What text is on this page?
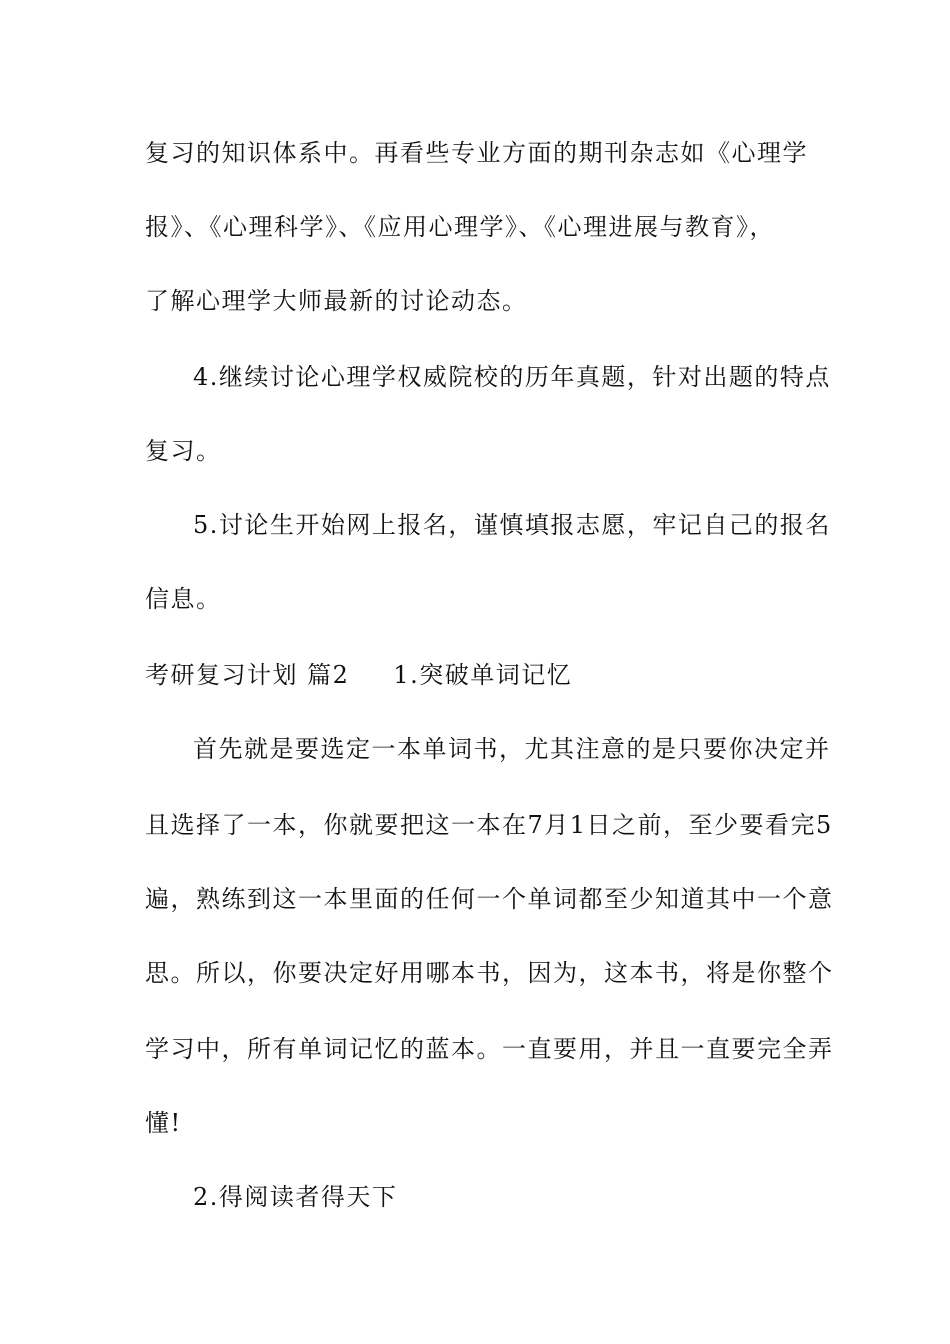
复习的知识体系中。再看些专业方面的期刊杂志如《心理学
报》、《心理科学》、《应用心理学》、《心理进展与教育》，
了解心理学大师最新的讨论动态。
4.继续讨论心理学权威院校的历年真题，针对出题的特点
复习。
5.讨论生开始网上报名，谨慎填报志愿，牢记自己的报名
信息。
考研复习计划 篇2 1.突破单词记忆
首先就是要选定一本单词书，尤其注意的是只要你决定并
且选择了一本，你就要把这一本在7月1日之前，至少要看完5
遍，熟练到这一本里面的任何一个单词都至少知道其中一个意
思。所以，你要决定好用哪本书，因为，这本书，将是你整个
学习中，所有单词记忆的蓝本。一直要用，并且一直要完全弄
懂!
2.得阅读者得天下
